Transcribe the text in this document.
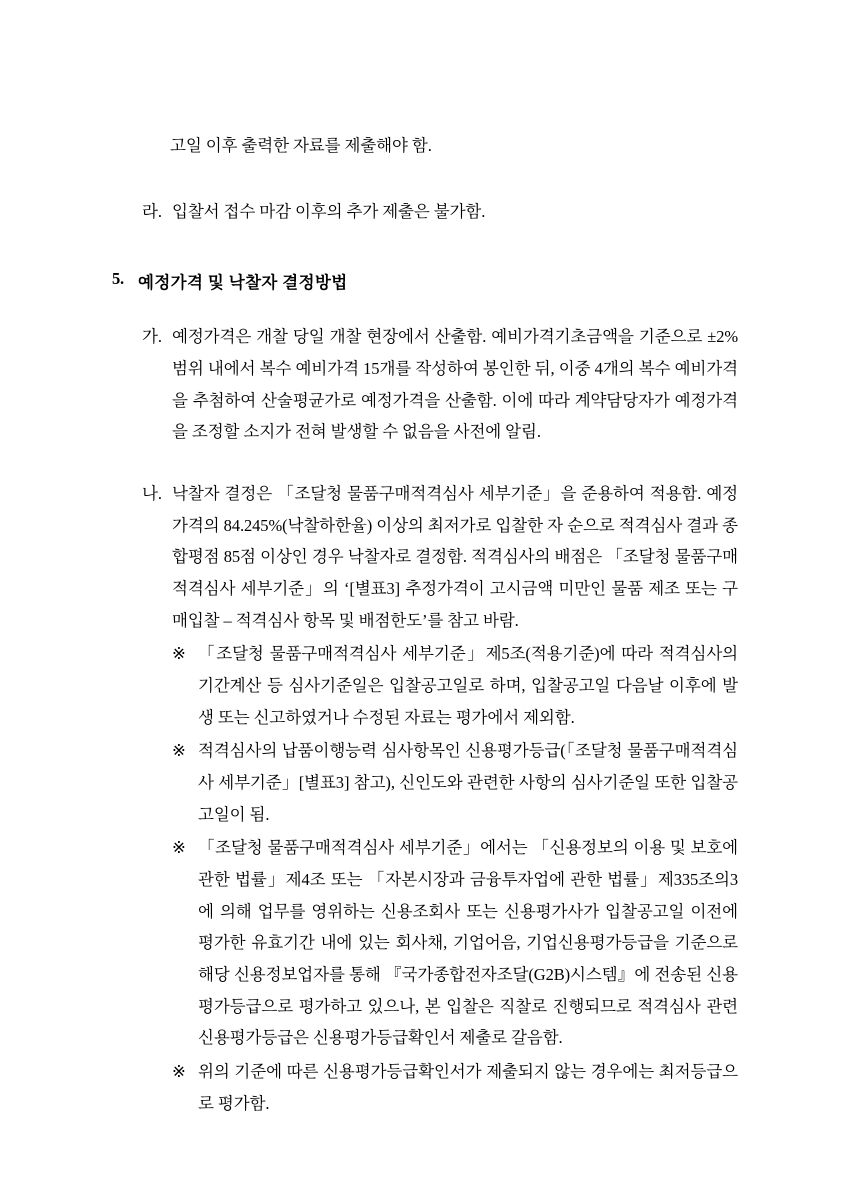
고일 이후 출력한 자료를 제출해야 함.
라. 입찰서 접수 마감 이후의 추가 제출은 불가함.
5. 예정가격 및 낙찰자 결정방법
가. 예정가격은 개찰 당일 개찰 현장에서 산출함. 예비가격기초금액을 기준으로 ±2% 범위 내에서 복수 예비가격 15개를 작성하여 봉인한 뒤, 이중 4개의 복수 예비가격을 추첨하여 산술평균가로 예정가격을 산출함. 이에 따라 계약담당자가 예정가격을 조정할 소지가 전혀 발생할 수 없음을 사전에 알림.
나. 낙찰자 결정은 「조달청 물품구매적격심사 세부기준」을 준용하여 적용함. 예정가격의 84.245%(낙찰하한율) 이상의 최저가로 입찰한 자 순으로 적격심사 결과 종합평점 85점 이상인 경우 낙찰자로 결정함. 적격심사의 배점은 「조달청 물품구매적격심사 세부기준」의 ‘[별표3] 추정가격이 고시금액 미만인 물품 제조 또는 구매입찰 – 적격심사 항목 및 배점한도’를 참고 바람.
※ 「조달청 물품구매적격심사 세부기준」제5조(적용기준)에 따라 적격심사의 기간계산 등 심사기준일은 입찰공고일로 하며, 입찰공고일 다음날 이후에 발생 또는 신고하였거나 수정된 자료는 평가에서 제외함.
※ 적격심사의 납품이행능력 심사항목인 신용평가등급(「조달청 물품구매적격심사 세부기준」[별표3] 참고), 신인도와 관련한 사항의 심사기준일 또한 입찰공고일이 됨.
※ 「조달청 물품구매적격심사 세부기준」에서는 「신용정보의 이용 및 보호에 관한 법률」제4조 또는 「자본시장과 금융투자업에 관한 법률」제335조의3에 의해 업무를 영위하는 신용조회사 또는 신용평가사가 입찰공고일 이전에 평가한 유효기간 내에 있는 회사채, 기업어음, 기업신용평가등급을 기준으로 해당 신용정보업자를 통해 『국가종합전자조달(G2B)시스템』에 전송된 신용평가등급으로 평가하고 있으나, 본 입찰은 직찰로 진행되므로 적격심사 관련 신용평가등급은 신용평가등급확인서 제출로 갈음함.
※ 위의 기준에 따른 신용평가등급확인서가 제출되지 않는 경우에는 최저등급으로 평가함.
